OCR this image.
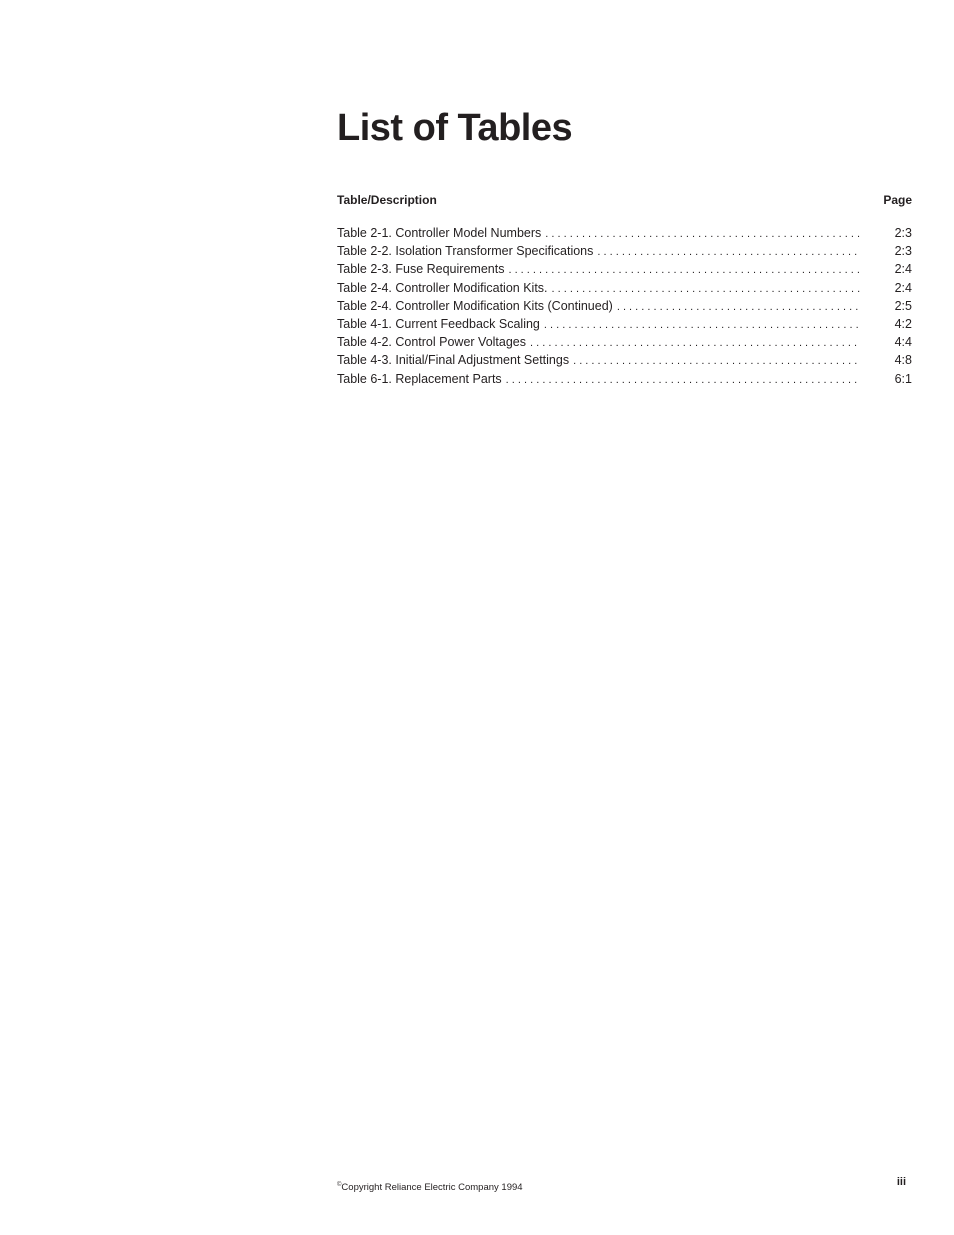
List of Tables
Table/Description	Page
Table 2-1. Controller Model Numbers . . .	2:3
Table 2-2. Isolation Transformer Specifications . . .	2:3
Table 2-3. Fuse Requirements . . .	2:4
Table 2-4. Controller Modification Kits. . . .	2:4
Table 2-4. Controller Modification Kits (Continued) . . .	2:5
Table 4-1. Current Feedback Scaling . . .	4:2
Table 4-2. Control Power Voltages . . .	4:4
Table 4-3. Initial/Final Adjustment Settings . . .	4:8
Table 6-1. Replacement Parts . . .	6:1
©Copyright Reliance Electric Company 1994	iii
